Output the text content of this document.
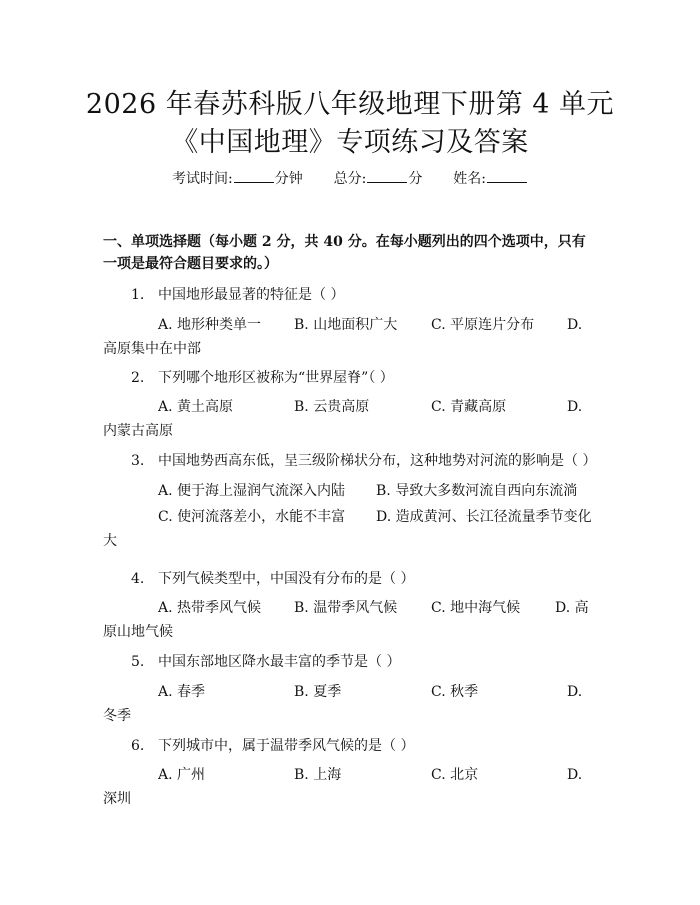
2026 年春苏科版八年级地理下册第 4 单元
《中国地理》专项练习及答案
考试时间:	分钟 总分:	分 姓名:
一、单项选择题（每小题 2 分，共 40 分。在每小题列出的四个选项中，只有一项是最符合题目要求的。）
1. 中国地形最显著的特征是（ ）
A. 地形种类单一 B. 山地面积广大 C. 平原连片分布 D.
高原集中在中部
2. 下列哪个地形区被称为“世界屋脊”（ ）
A. 黄土高原	B. 云贵高原	C. 青藏高原	D.
内蒙古高原
3. 中国地势西高东低，呈三级阶梯状分布，这种地势对河流的影响是（ ）
A. 便于海上湿润气流深入内陆 B. 导致大多数河流自西向东流淌
C. 使河流落差小，水能不丰富 D. 造成黄河、长江径流量季节变化
大
4. 下列气候类型中，中国没有分布的是（ ）
A. 热带季风气候 B. 温带季风气候 C. 地中海气候 D. 高
原山地气候
5. 中国东部地区降水最丰富的季节是（ ）
A. 春季	B. 夏季	C. 秋季	D.
冬季
6. 下列城市中，属于温带季风气候的是（ ）
A. 广州	B. 上海	C. 北京	D.
深圳
